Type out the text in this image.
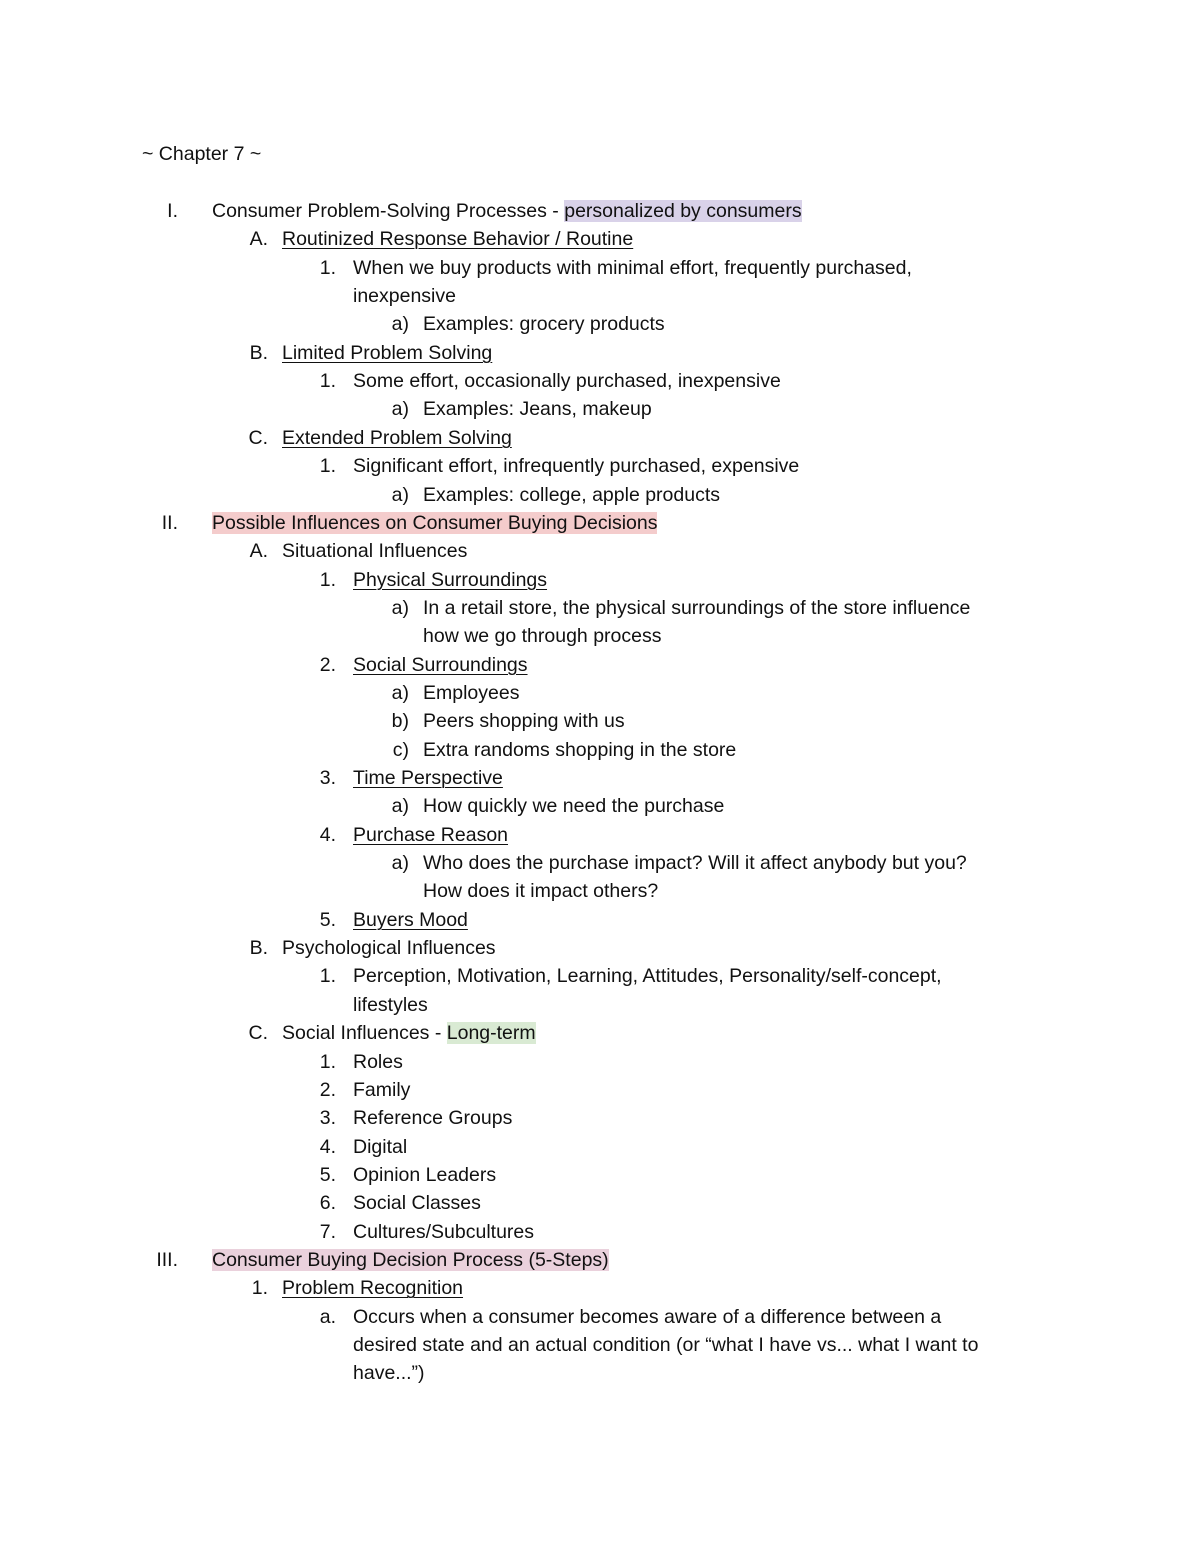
~ Chapter 7 ~
I. Consumer Problem-Solving Processes - personalized by consumers
A. Routinized Response Behavior / Routine
1. When we buy products with minimal effort, frequently purchased,
inexpensive
a) Examples: grocery products
B. Limited Problem Solving
1. Some effort, occasionally purchased, inexpensive
a) Examples: Jeans, makeup
C. Extended Problem Solving
1. Significant effort, infrequently purchased, expensive
a) Examples: college, apple products
II. Possible Influences on Consumer Buying Decisions
A. Situational Influences
1. Physical Surroundings
a) In a retail store, the physical surroundings of the store influence
how we go through process
2. Social Surroundings
a) Employees
b) Peers shopping with us
c) Extra randoms shopping in the store
3. Time Perspective
a) How quickly we need the purchase
4. Purchase Reason
a) Who does the purchase impact? Will it affect anybody but you?
How does it impact others?
5. Buyers Mood
B. Psychological Influences
1. Perception, Motivation, Learning, Attitudes, Personality/self-concept,
lifestyles
C. Social Influences - Long-term
1. Roles
2. Family
3. Reference Groups
4. Digital
5. Opinion Leaders
6. Social Classes
7. Cultures/Subcultures
III. Consumer Buying Decision Process (5-Steps)
1. Problem Recognition
a. Occurs when a consumer becomes aware of a difference between a
desired state and an actual condition (or “what I have vs... what I want to
have...”)
